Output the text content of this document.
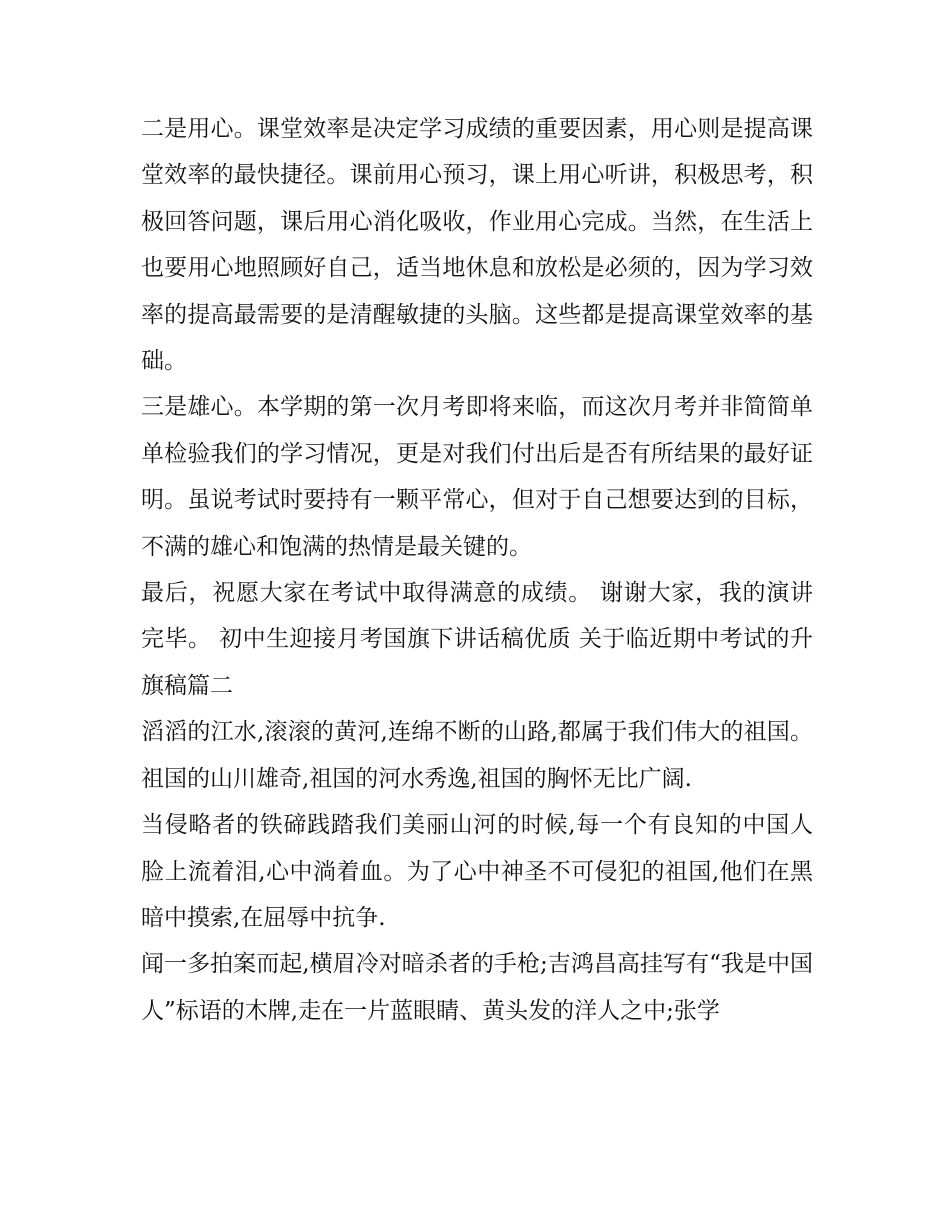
二是用心。课堂效率是决定学习成绩的重要因素，用心则是提高课堂效率的最快捷径。课前用心预习，课上用心听讲，积极思考，积极回答问题，课后用心消化吸收，作业用心完成。当然，在生活上也要用心地照顾好自己，适当地休息和放松是必须的，因为学习效率的提高最需要的是清醒敏捷的头脑。这些都是提高课堂效率的基础。

三是雄心。本学期的第一次月考即将来临，而这次月考并非简简单单检验我们的学习情况，更是对我们付出后是否有所结果的最好证明。虽说考试时要持有一颗平常心，但对于自己想要达到的目标，不满的雄心和饱满的热情是最关键的。

最后，祝愿大家在考试中取得满意的成绩。 谢谢大家，我的演讲完毕。 初中生迎接月考国旗下讲话稿优质 关于临近期中考试的升旗稿篇二

滔滔的江水,滚滚的黄河,连绵不断的山路,都属于我们伟大的祖国。祖国的山川雄奇,祖国的河水秀逸,祖国的胸怀无比广阔.

当侵略者的铁碲践踏我们美丽山河的时候,每一个有良知的中国人脸上流着泪,心中淌着血。为了心中神圣不可侵犯的祖国,他们在黑暗中摸索,在屈辱中抗争.

闻一多拍案而起,横眉冷对暗杀者的手枪;吉鸿昌高挂写有“我是中国人”标语的木牌,走在一片蓝眼睛、黄头发的洋人之中;张学
